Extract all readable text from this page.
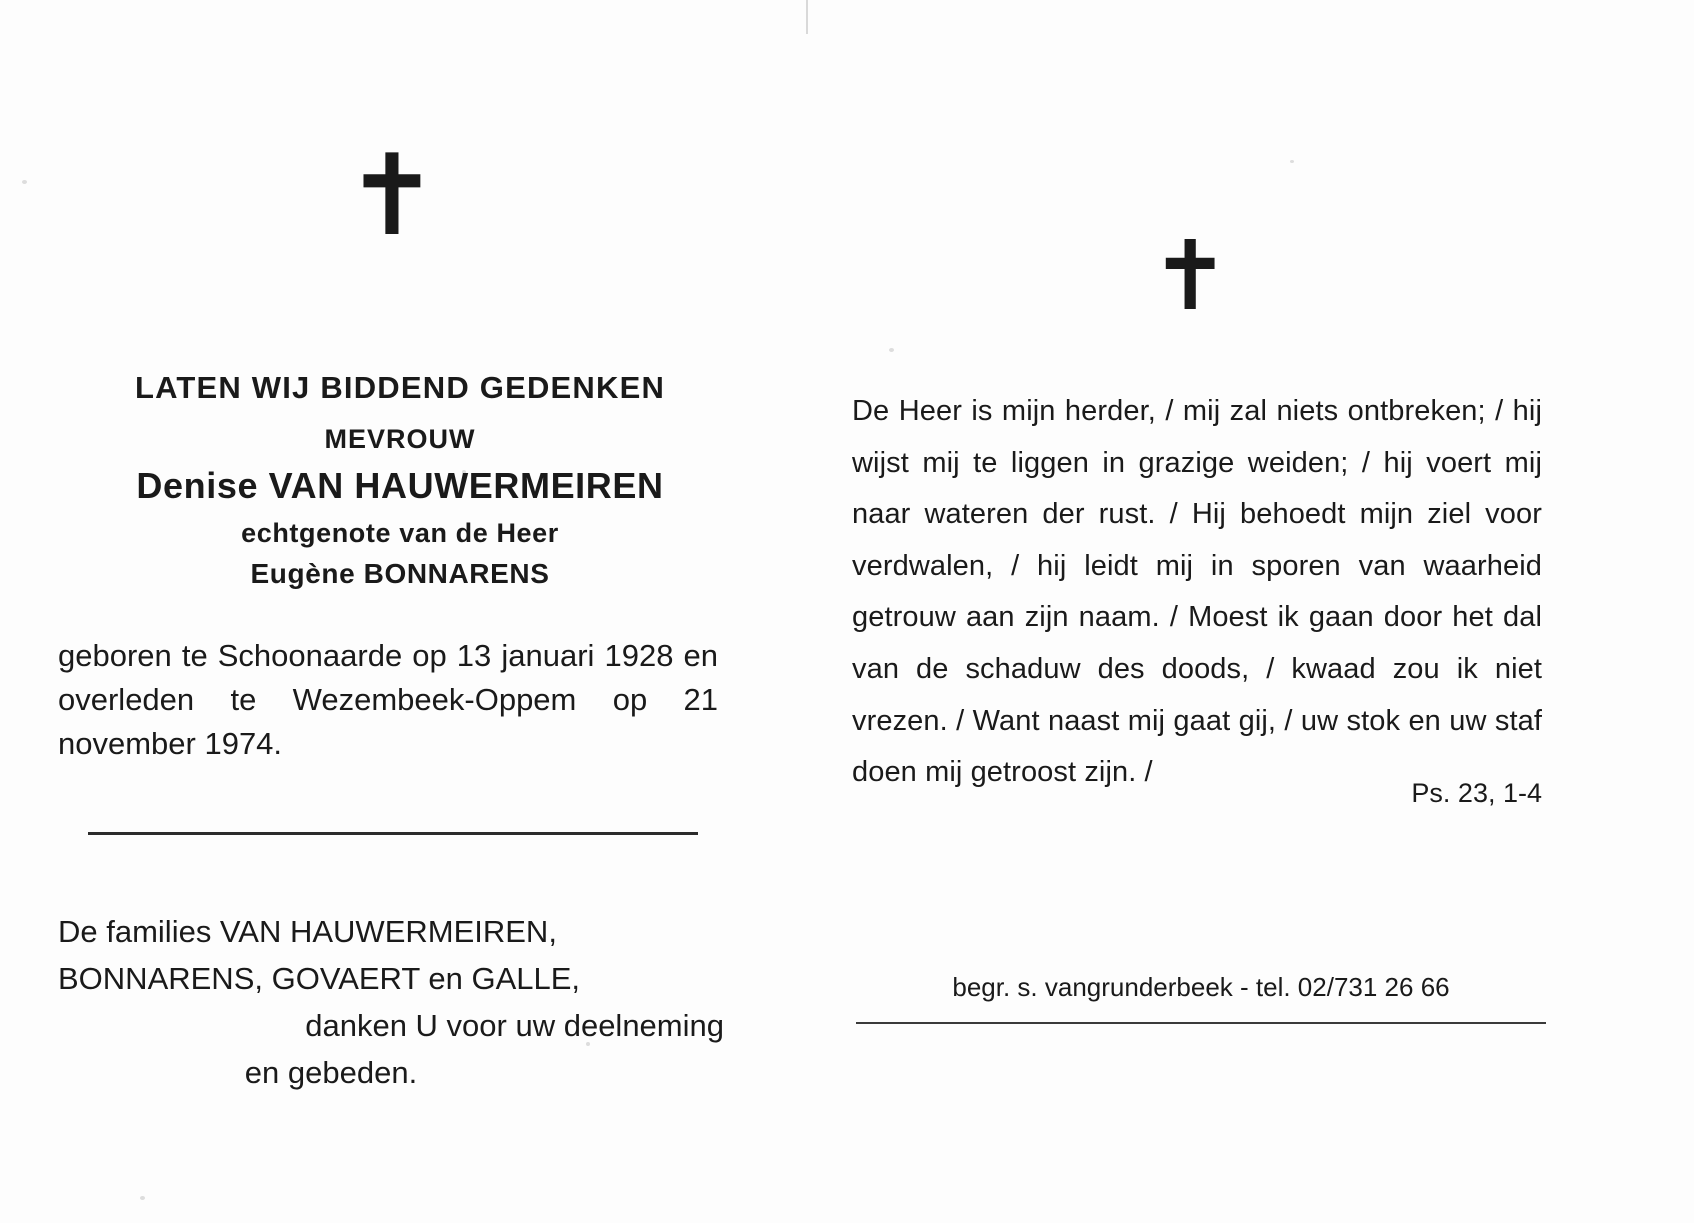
✝
LATEN WIJ BIDDEND GEDENKEN
MEVROUW
Denise VAN HAUWERMEIREN
echtgenote van de Heer
Eugène BONNARENS
geboren te Schoonaarde op 13 januari 1928 en overleden te Wezembeek-Oppem op 21 november 1974.
De families VAN HAUWERMEIREN,
BONNARENS, GOVAERT en GALLE,
danken U voor uw deelneming
en gebeden.
✝
De Heer is mijn herder, / mij zal niets ontbreken; / hij wijst mij te liggen in grazige weiden; / hij voert mij naar wateren der rust. / Hij behoedt mijn ziel voor verdwalen, / hij leidt mij in sporen van waarheid getrouw aan zijn naam. / Moest ik gaan door het dal van de schaduw des doods, / kwaad zou ik niet vrezen. / Want naast mij gaat gij, / uw stok en uw staf doen mij getroost zijn. /
Ps. 23, 1-4
begr. s. vangrunderbeek - tel. 02/731 26 66
